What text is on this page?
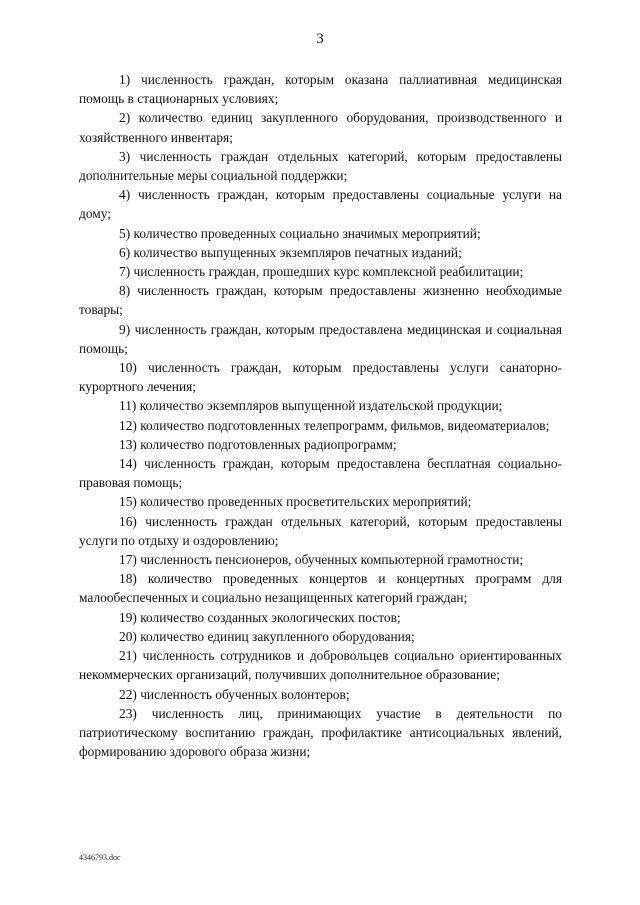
3

1) численность граждан, которым оказана паллиативная медицинская помощь в стационарных условиях;

2) количество единиц закупленного оборудования, производственного и хозяйственного инвентаря;

3) численность граждан отдельных категорий, которым предоставлены дополнительные меры социальной поддержки;

4) численность граждан, которым предоставлены социальные услуги на дому;

5) количество проведенных социально значимых мероприятий;

6) количество выпущенных экземпляров печатных изданий;

7) численность граждан, прошедших курс комплексной реабилитации;

8) численность граждан, которым предоставлены жизненно необходимые товары;

9) численность граждан, которым предоставлена медицинская и социальная помощь;

10) численность граждан, которым предоставлены услуги санаторно-курортного лечения;

11) количество экземпляров выпущенной издательской продукции;

12) количество подготовленных телепрограмм, фильмов, видеоматериалов;

13) количество подготовленных радиопрограмм;

14) численность граждан, которым предоставлена бесплатная социально-правовая помощь;

15) количество проведенных просветительских мероприятий;

16) численность граждан отдельных категорий, которым предоставлены услуги по отдыху и оздоровлению;

17) численность пенсионеров, обученных компьютерной грамотности;

18) количество проведенных концертов и концертных программ для малообеспеченных и социально незащищенных категорий граждан;

19) количество созданных экологических постов;

20) количество единиц закупленного оборудования;

21) численность сотрудников и добровольцев социально ориентированных некоммерческих организаций, получивших дополнительное образование;

22) численность обученных волонтеров;

23) численность лиц, принимающих участие в деятельности по патриотическому воспитанию граждан, профилактике антисоциальных явлений, формированию здорового образа жизни;

4346793.doc
